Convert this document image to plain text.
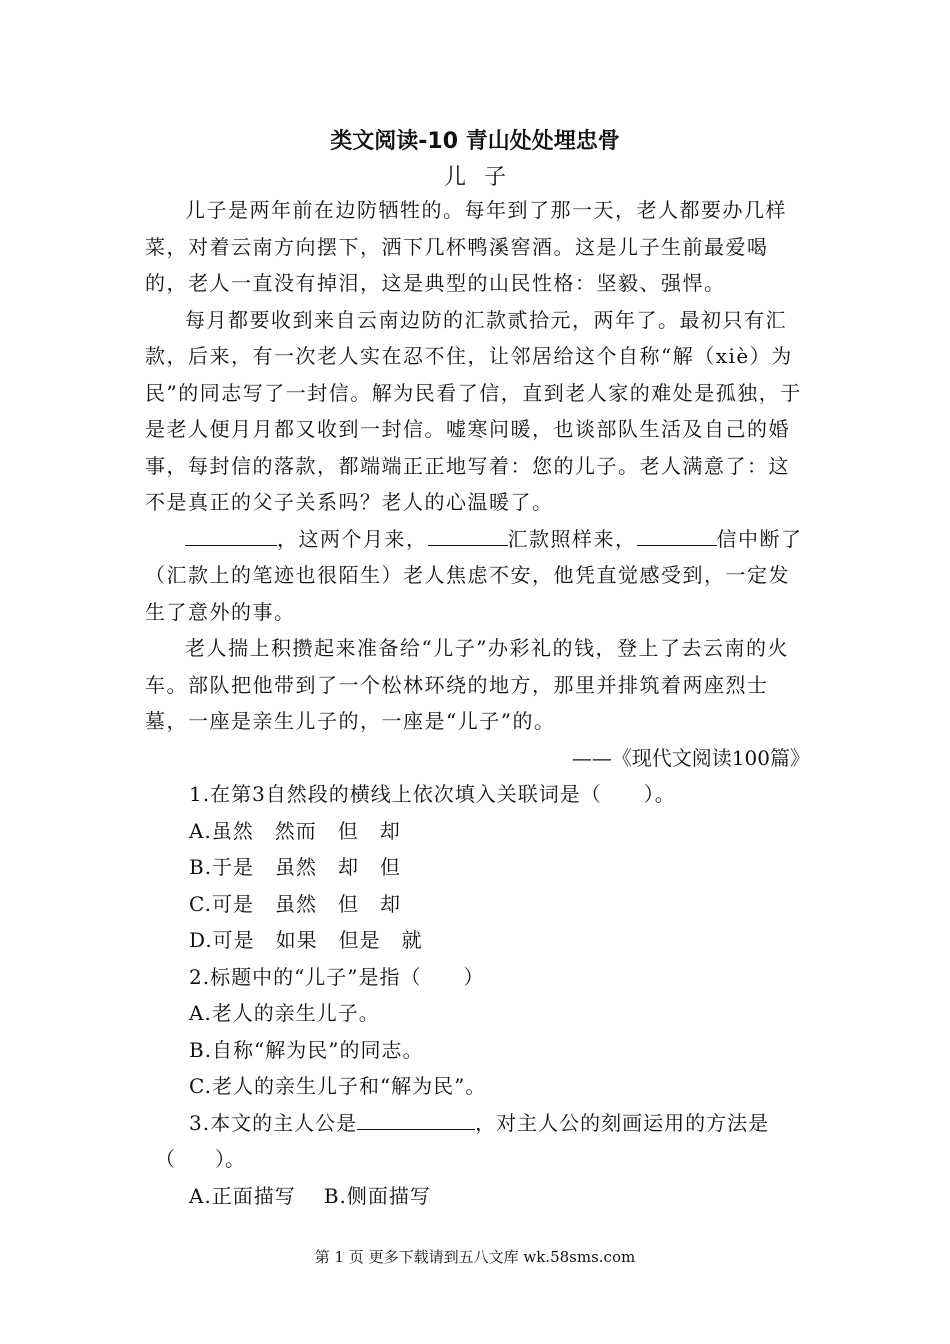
类文阅读-10 青山处处埋忠骨
儿子

儿子是两年前在边防牺牲的。每年到了那一天，老人都要办几样菜，对着云南方向摆下，洒下几杯鸭溪窖酒。这是儿子生前最爱喝的，老人一直没有掉泪，这是典型的山民性格：坚毅、强悍。

每月都要收到来自云南边防的汇款贰拾元，两年了。最初只有汇款，后来，有一次老人实在忍不住，让邻居给这个自称“解（xiè）为民”的同志写了一封信。解为民看了信，直到老人家的难处是孤独，于是老人便月月都又收到一封信。嘘寒问暖，也谈部队生活及自己的婚事，每封信的落款，都端端正正地写着：您的儿子。老人满意了：这不是真正的父子关系吗？老人的心温暖了。

，这两个月来，	汇款照样来，	信中断了（汇款上的笔迹也很陌生）老人焦虑不安，他凭直觉感受到，一定发生了意外的事。

老人揣上积攒起来准备给“儿子”办彩礼的钱，登上了去云南的火车。部队把他带到了一个松林环绕的地方，那里并排筑着两座烈士墓，一座是亲生儿子的，一座是“儿子”的。

——《现代文阅读100篇》

1.在第3自然段的横线上依次填入关联词是（　　）。

A.虽然　然而　但　却

B.于是　虽然　却　但

C.可是　虽然　但　却

D.可是　如果　但是　就

2.标题中的“儿子”是指（　　）

A.老人的亲生儿子。

B.自称“解为民”的同志。

C.老人的亲生儿子和“解为民”。

3.本文的主人公是	，对主人公的刻画运用的方法是

（　　）。

A.正面描写 B.侧面描写

第 1 页 更多下载请到五八文库 wk.58sms.com
